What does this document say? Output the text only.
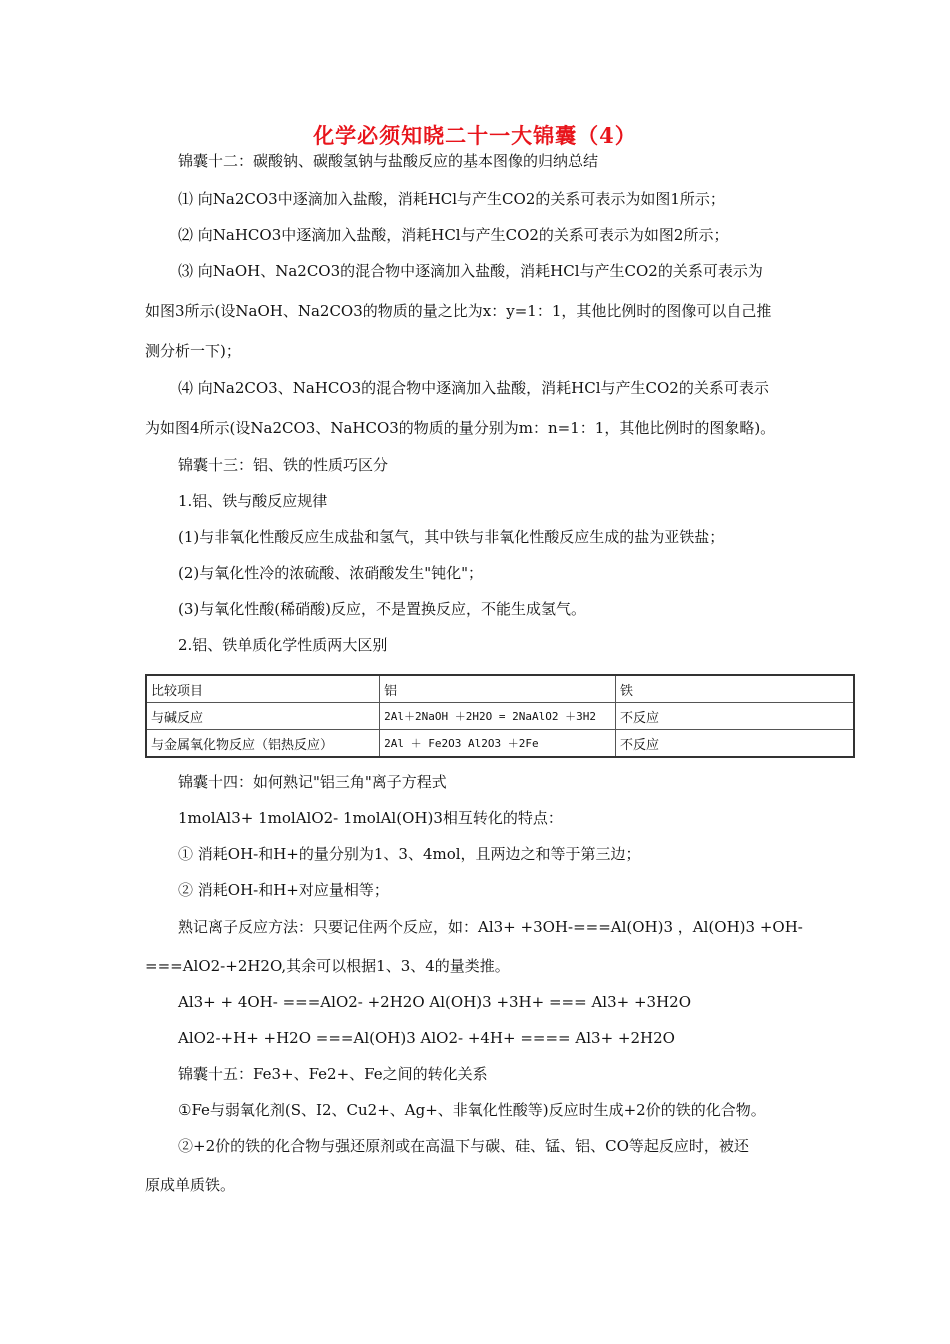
化学必须知晓二十一大锦囊（4）
锦囊十二：碳酸钠、碳酸氢钠与盐酸反应的基本图像的归纳总结
⑴ 向Na2CO3中逐滴加入盐酸，消耗HCl与产生CO2的关系可表示为如图1所示；
⑵ 向NaHCO3中逐滴加入盐酸，消耗HCl与产生CO2的关系可表示为如图2所示；
⑶ 向NaOH、Na2CO3的混合物中逐滴加入盐酸，消耗HCl与产生CO2的关系可表示为
如图3所示(设NaOH、Na2CO3的物质的量之比为x：y=1：1，其他比例时的图像可以自己推
测分析一下)；
⑷ 向Na2CO3、NaHCO3的混合物中逐滴加入盐酸，消耗HCl与产生CO2的关系可表示
为如图4所示(设Na2CO3、NaHCO3的物质的量分别为m：n=1：1，其他比例时的图象略)。
锦囊十三：铝、铁的性质巧区分
1.铝、铁与酸反应规律
(1)与非氧化性酸反应生成盐和氢气，其中铁与非氧化性酸反应生成的盐为亚铁盐；
(2)与氧化性冷的浓硫酸、浓硝酸发生"钝化"；
(3)与氧化性酸(稀硝酸)反应，不是置换反应，不能生成氢气。
2.铝、铁单质化学性质两大区别
比较项目	铝	铁
与碱反应	2Al＋2NaOH ＋2H2O = 2NaAlO2 ＋3H2	不反应
与金属氧化物反应（铝热反应）	2Al ＋ Fe2O3 Al2O3 ＋2Fe	不反应
锦囊十四：如何熟记"铝三角"离子方程式
1molAl3+ 1molAlO2- 1molAl(OH)3相互转化的特点：
① 消耗OH-和H+的量分别为1、3、4mol，且两边之和等于第三边；
② 消耗OH-和H+对应量相等；
熟记离子反应方法：只要记住两个反应，如：Al3+ +3OH-===Al(OH)3 ，Al(OH)3 +OH-
===AlO2-+2H2O,其余可以根据1、3、4的量类推。
Al3+ + 4OH- ===AlO2- +2H2O Al(OH)3 +3H+ === Al3+ +3H2O
AlO2-+H+ +H2O ===Al(OH)3 AlO2- +4H+ ==== Al3+ +2H2O
锦囊十五：Fe3+、Fe2+、Fe之间的转化关系
①Fe与弱氧化剂(S、I2、Cu2+、Ag+、非氧化性酸等)反应时生成+2价的铁的化合物。
②+2价的铁的化合物与强还原剂或在高温下与碳、硅、锰、铝、CO等起反应时，被还
原成单质铁。
